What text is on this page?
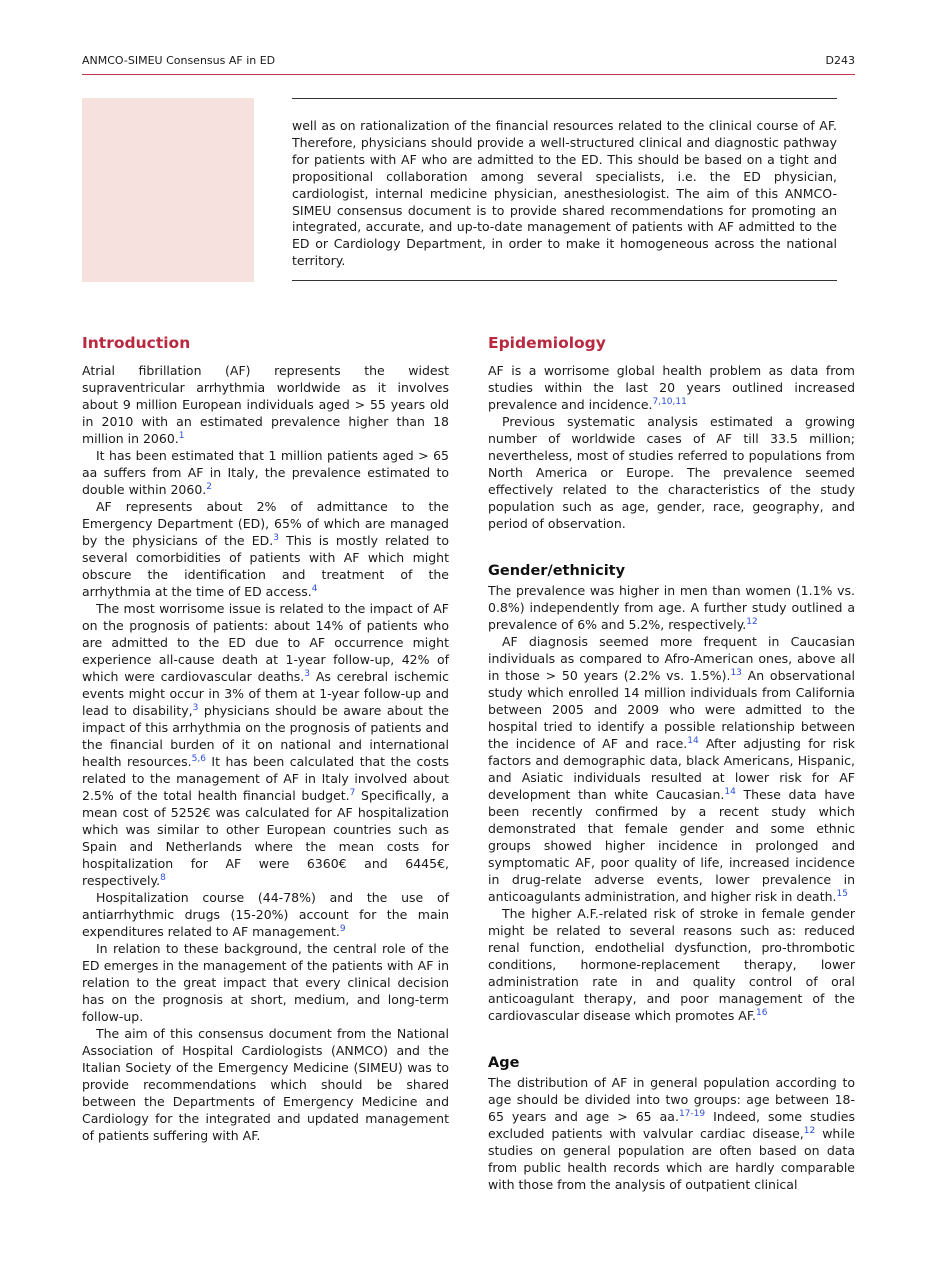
ANMCO-SIMEU Consensus AF in ED	D243

well as on rationalization of the financial resources related to the clinical course of AF. Therefore, physicians should provide a well-structured clinical and diagnostic pathway for patients with AF who are admitted to the ED. This should be based on a tight and propositional collaboration among several specialists, i.e. the ED physician, cardiologist, internal medicine physician, anesthesiologist. The aim of this ANMCO-SIMEU consensus document is to provide shared recommendations for promoting an integrated, accurate, and up-to-date management of patients with AF admitted to the ED or Cardiology Department, in order to make it homogeneous across the national territory.

Introduction

Atrial fibrillation (AF) represents the widest supraventricular arrhythmia worldwide as it involves about 9 million European individuals aged > 55 years old in 2010 with an estimated prevalence higher than 18 million in 2060.$^1$

It has been estimated that 1 million patients aged > 65 aa suffers from AF in Italy, the prevalence estimated to double within 2060.$^2$

AF represents about 2% of admittance to the Emergency Department (ED), 65% of which are managed by the physicians of the ED.$^3$ This is mostly related to several comorbidities of patients with AF which might obscure the identification and treatment of the arrhythmia at the time of ED access.$^4$

The most worrisome issue is related to the impact of AF on the prognosis of patients: about 14% of patients who are admitted to the ED due to AF occurrence might experience all-cause death at 1-year follow-up, 42% of which were cardiovascular deaths.$^3$ As cerebral ischemic events might occur in 3% of them at 1-year follow-up and lead to disability,$^3$ physicians should be aware about the impact of this arrhythmia on the prognosis of patients and the financial burden of it on national and international health resources.$^{5,6}$ It has been calculated that the costs related to the management of AF in Italy involved about 2.5% of the total health financial budget.$^7$ Specifically, a mean cost of 5252€ was calculated for AF hospitalization which was similar to other European countries such as Spain and Netherlands where the mean costs for hospitalization for AF were 6360€ and 6445€, respectively.$^8$

Hospitalization course (44-78%) and the use of antiarrhythmic drugs (15-20%) account for the main expenditures related to AF management.$^9$

In relation to these background, the central role of the ED emerges in the management of the patients with AF in relation to the great impact that every clinical decision has on the prognosis at short, medium, and long-term follow-up.

The aim of this consensus document from the National Association of Hospital Cardiologists (ANMCO) and the Italian Society of the Emergency Medicine (SIMEU) was to provide recommendations which should be shared between the Departments of Emergency Medicine and Cardiology for the integrated and updated management of patients suffering with AF.

Epidemiology

AF is a worrisome global health problem as data from studies within the last 20 years outlined increased prevalence and incidence.$^{7,10,11}$

Previous systematic analysis estimated a growing number of worldwide cases of AF till 33.5 million; nevertheless, most of studies referred to populations from North America or Europe. The prevalence seemed effectively related to the characteristics of the study population such as age, gender, race, geography, and period of observation.

Gender/ethnicity

The prevalence was higher in men than women (1.1% vs. 0.8%) independently from age. A further study outlined a prevalence of 6% and 5.2%, respectively.$^{12}$

AF diagnosis seemed more frequent in Caucasian individuals as compared to Afro-American ones, above all in those > 50 years (2.2% vs. 1.5%).$^{13}$ An observational study which enrolled 14 million individuals from California between 2005 and 2009 who were admitted to the hospital tried to identify a possible relationship between the incidence of AF and race.$^{14}$ After adjusting for risk factors and demographic data, black Americans, Hispanic, and Asiatic individuals resulted at lower risk for AF development than white Caucasian.$^{14}$ These data have been recently confirmed by a recent study which demonstrated that female gender and some ethnic groups showed higher incidence in prolonged and symptomatic AF, poor quality of life, increased incidence in drug-relate adverse events, lower prevalence in anticoagulants administration, and higher risk in death.$^{15}$

The higher A.F.-related risk of stroke in female gender might be related to several reasons such as: reduced renal function, endothelial dysfunction, pro-thrombotic conditions, hormone-replacement therapy, lower administration rate in and quality control of oral anticoagulant therapy, and poor management of the cardiovascular disease which promotes AF.$^{16}$

Age

The distribution of AF in general population according to age should be divided into two groups: age between 18-65 years and age > 65 aa.$^{17-19}$ Indeed, some studies excluded patients with valvular cardiac disease,$^{12}$ while studies on general population are often based on data from public health records which are hardly comparable with those from the analysis of outpatient clinical
